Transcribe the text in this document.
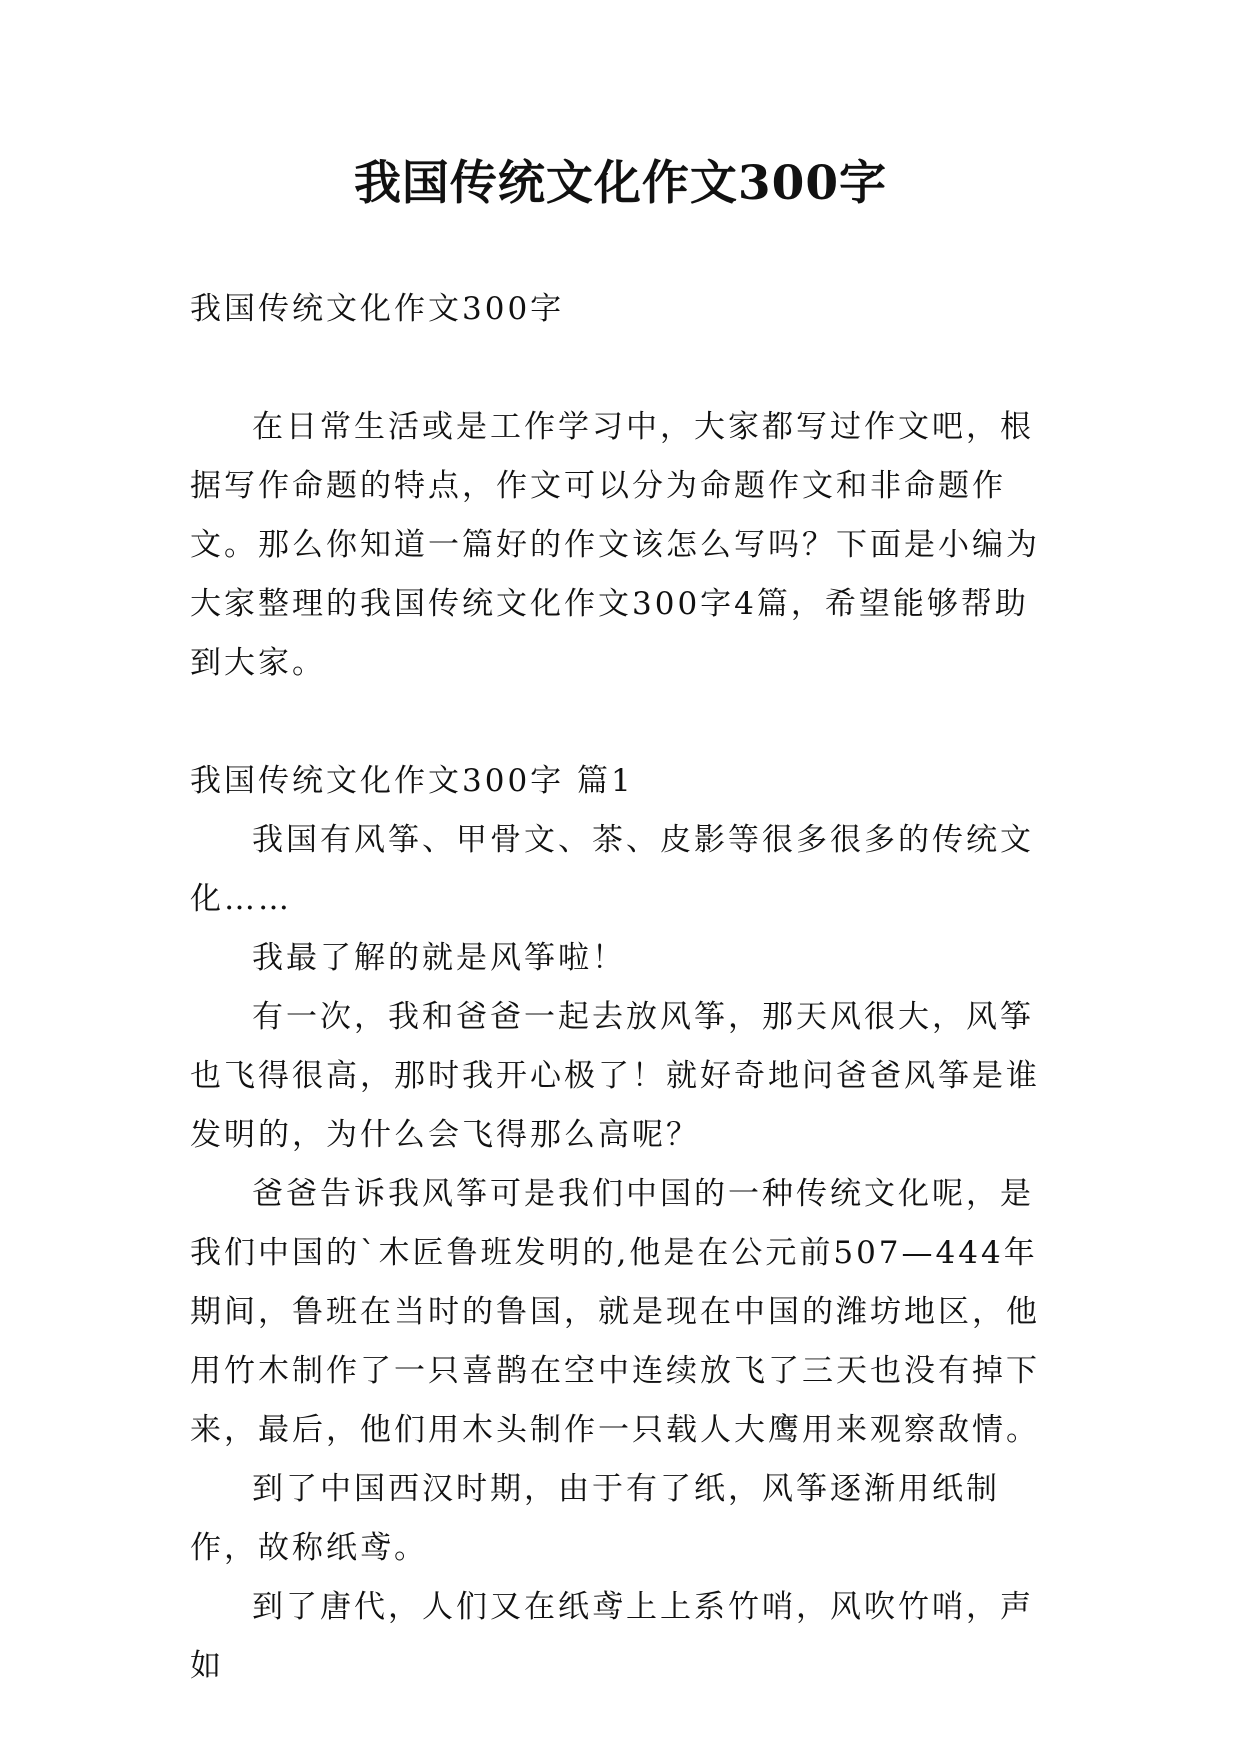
我国传统文化作文300字

我国传统文化作文300字

在日常生活或是工作学习中，大家都写过作文吧，根据写作命题的特点，作文可以分为命题作文和非命题作文。那么你知道一篇好的作文该怎么写吗？下面是小编为大家整理的我国传统文化作文300字4篇，希望能够帮助到大家。

我国传统文化作文300字 篇1

我国有风筝、甲骨文、茶、皮影等很多很多的传统文化……

我最了解的就是风筝啦！

有一次，我和爸爸一起去放风筝，那天风很大，风筝也飞得很高，那时我开心极了！就好奇地问爸爸风筝是谁发明的，为什么会飞得那么高呢？

爸爸告诉我风筝可是我们中国的一种传统文化呢，是我们中国的`木匠鲁班发明的,他是在公元前507—444年期间，鲁班在当时的鲁国，就是现在中国的潍坊地区，他用竹木制作了一只喜鹊在空中连续放飞了三天也没有掉下来，最后，他们用木头制作一只载人大鹰用来观察敌情。

到了中国西汉时期，由于有了纸，风筝逐渐用纸制作，故称纸鸢。

到了唐代，人们又在纸鸢上上系竹哨，风吹竹哨，声如
